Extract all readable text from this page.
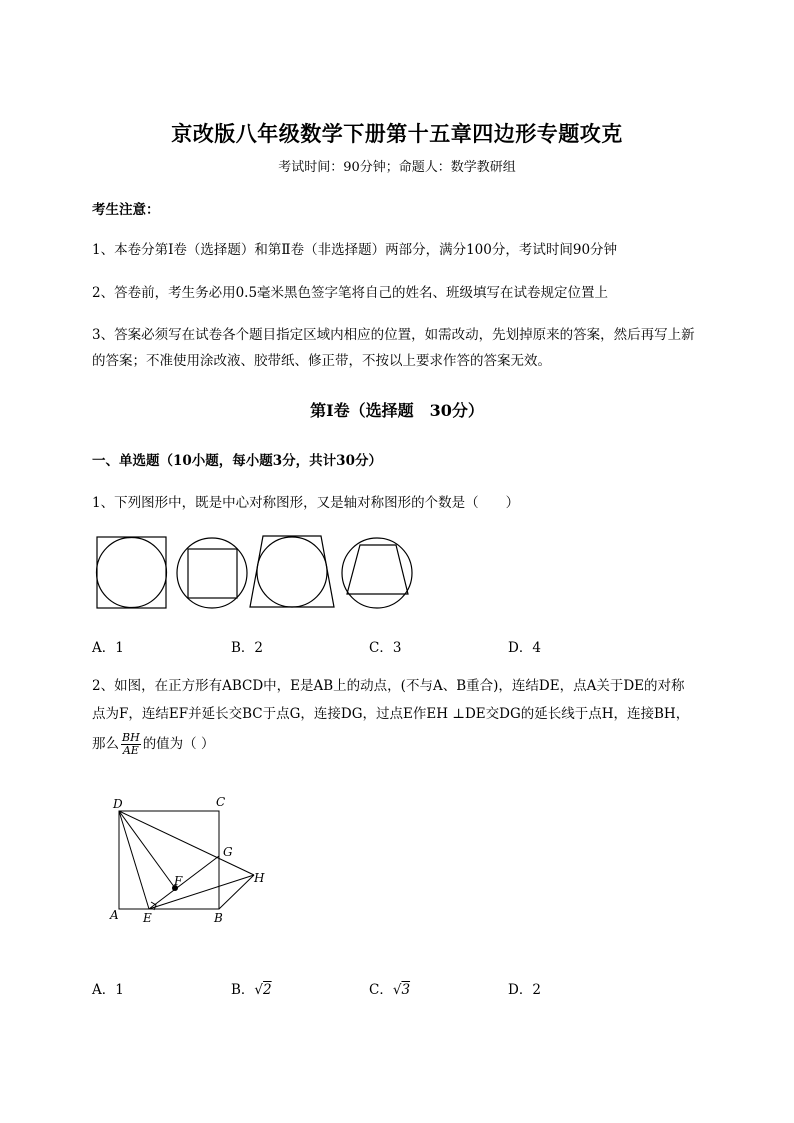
京改版八年级数学下册第十五章四边形专题攻克
考试时间：90分钟；命题人：数学教研组
考生注意：
1、本卷分第I卷（选择题）和第Ⅱ卷（非选择题）两部分，满分100分，考试时间90分钟
2、答卷前，考生务必用0.5毫米黑色签字笔将自己的姓名、班级填写在试卷规定位置上
3、答案必须写在试卷各个题目指定区域内相应的位置，如需改动，先划掉原来的答案，然后再写上新
的答案；不准使用涂改液、胶带纸、修正带，不按以上要求作答的答案无效。
第I卷（选择题　30分）
一、单选题（10小题，每小题3分，共计30分）
1、下列图形中，既是中心对称图形，又是轴对称图形的个数是（　　）
A．1	B．2	C．3	D．4
2、如图，在正方形有ABCD中，E是AB上的动点，(不与A、B重合)，连结DE，点A关于DE的对称
点为F，连结EF并延长交BC于点G，连接DG，过点E作EH ⊥DE交DG的延长线于点H，连接BH，
那么 $\frac{BH}{AE}$ 的值为（ ）
D	C
G
F	H
A E	B
A．1	B．√2	C．√3	D．2
